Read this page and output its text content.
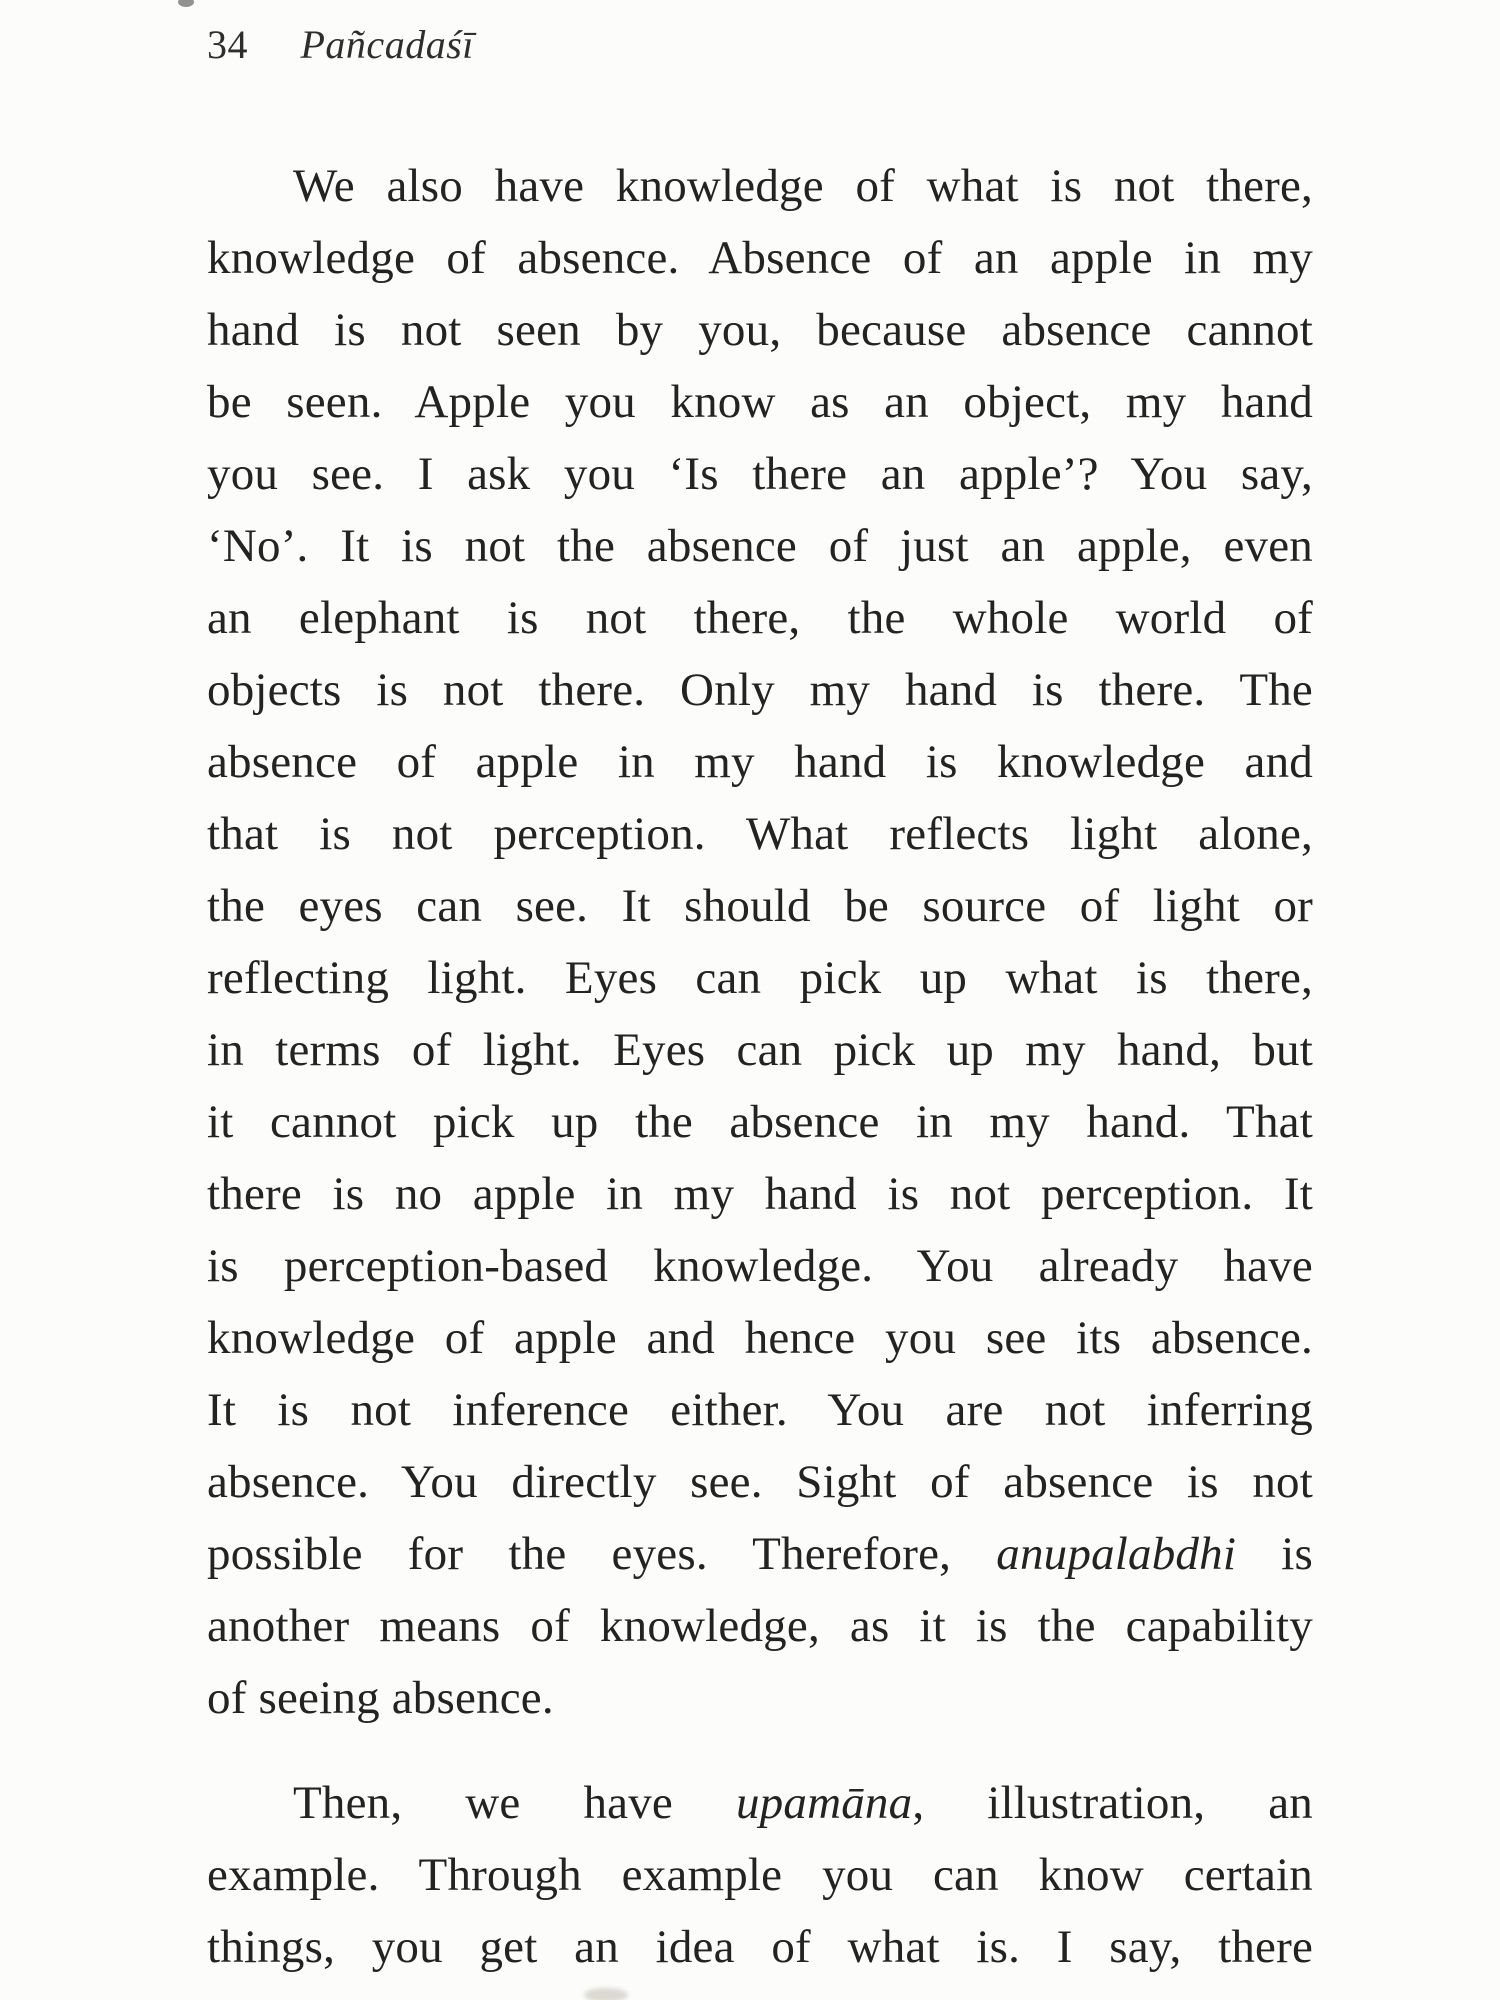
34 Pañcadaśī
We also have knowledge of what is not there,
knowledge of absence. Absence of an apple in my
hand is not seen by you, because absence cannot
be seen. Apple you know as an object, my hand
you see. I ask you ‘Is there an apple’? You say,
‘No’. It is not the absence of just an apple, even
an elephant is not there, the whole world of
objects is not there. Only my hand is there. The
absence of apple in my hand is knowledge and
that is not perception. What reflects light alone,
the eyes can see. It should be source of light or
reflecting light. Eyes can pick up what is there,
in terms of light. Eyes can pick up my hand, but
it cannot pick up the absence in my hand. That
there is no apple in my hand is not perception. It
is perception-based knowledge. You already have
knowledge of apple and hence you see its absence.
It is not inference either. You are not inferring
absence. You directly see. Sight of absence is not
possible for the eyes. Therefore, anupalabdhi is
another means of knowledge, as it is the capability
of seeing absence.
Then, we have upamāna, illustration, an
example. Through example you can know certain
things, you get an idea of what is. I say, there
